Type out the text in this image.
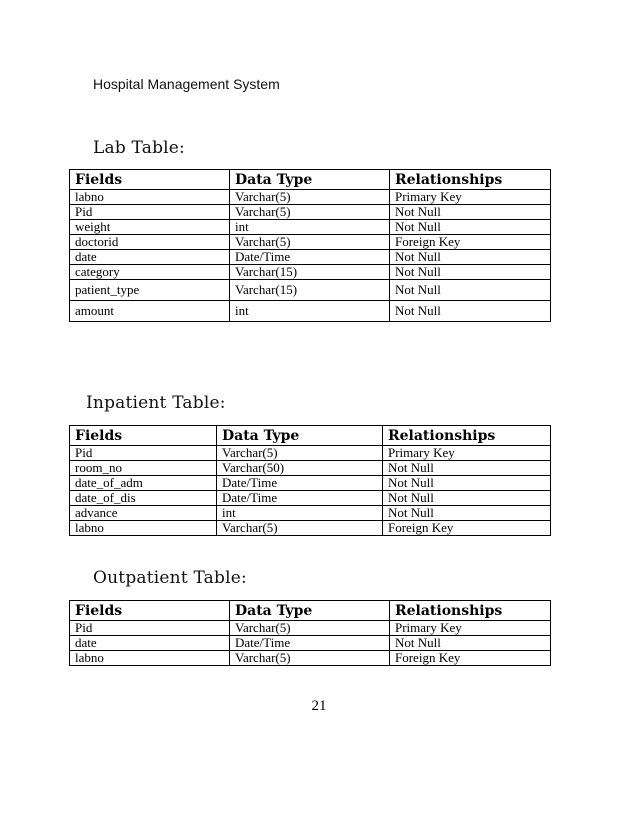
Hospital Management System
Lab Table:
Fields	Data Type	Relationships
labno	Varchar(5)	Primary Key
Pid	Varchar(5)	Not Null
weight	int	Not Null
doctorid	Varchar(5)	Foreign Key
date	Date/Time	Not Null
category	Varchar(15)	Not Null
patient_type	Varchar(15)	Not Null
amount	int	Not Null
Inpatient Table:
Fields	Data Type	Relationships
Pid	Varchar(5)	Primary Key
room_no	Varchar(50)	Not Null
date_of_adm	Date/Time	Not Null
date_of_dis	Date/Time	Not Null
advance	int	Not Null
labno	Varchar(5)	Foreign Key
Outpatient Table:
Fields	Data Type	Relationships
Pid	Varchar(5)	Primary Key
date	Date/Time	Not Null
labno	Varchar(5)	Foreign Key
21
